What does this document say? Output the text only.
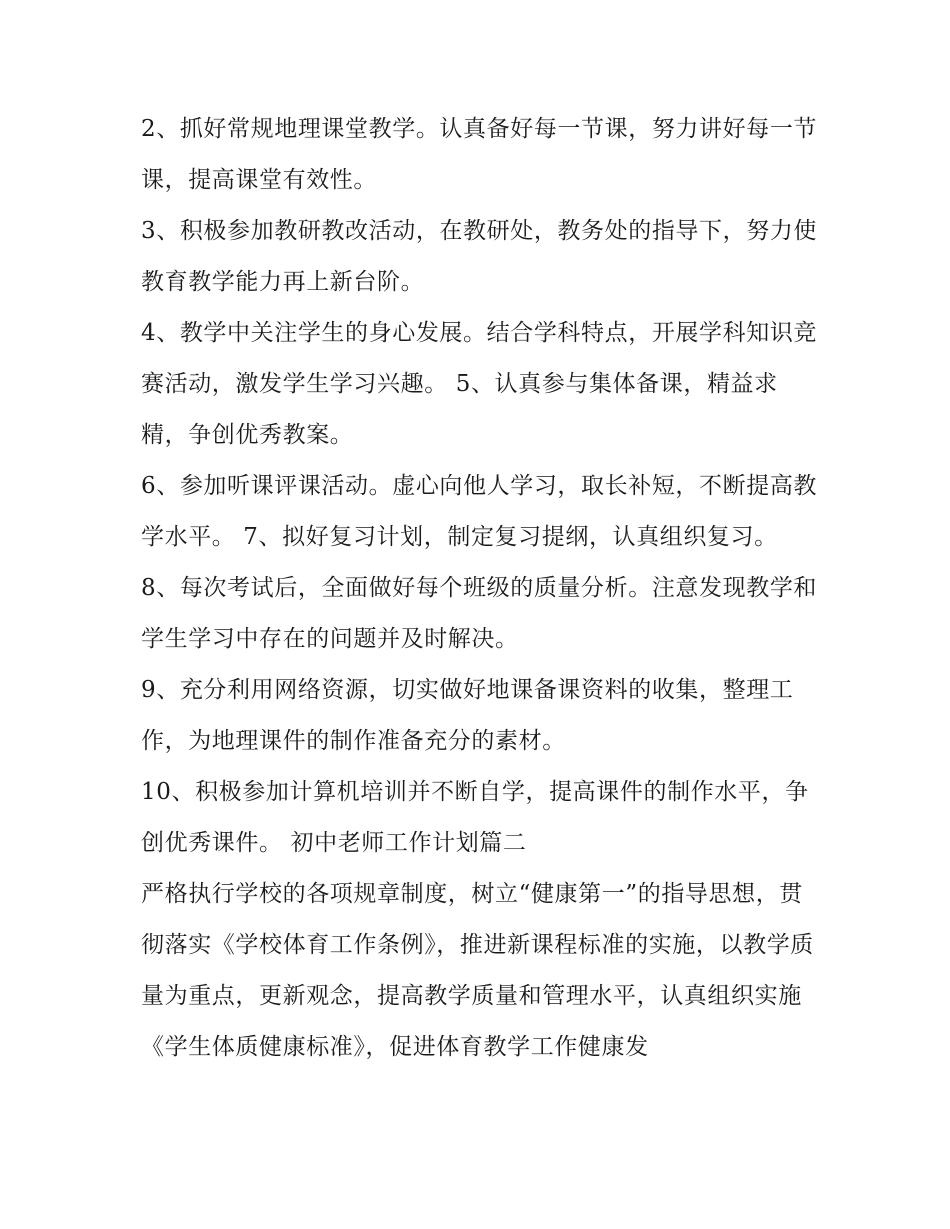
2、抓好常规地理课堂教学。认真备好每一节课，努力讲好每一节课，提高课堂有效性。

3、积极参加教研教改活动，在教研处，教务处的指导下，努力使教育教学能力再上新台阶。

4、教学中关注学生的身心发展。结合学科特点，开展学科知识竞赛活动，激发学生学习兴趣。 5、认真参与集体备课，精益求精，争创优秀教案。

6、参加听课评课活动。虚心向他人学习，取长补短，不断提高教学水平。 7、拟好复习计划，制定复习提纲，认真组织复习。

8、每次考试后，全面做好每个班级的质量分析。注意发现教学和学生学习中存在的问题并及时解决。

9、充分利用网络资源，切实做好地课备课资料的收集，整理工作，为地理课件的制作准备充分的素材。

10、积极参加计算机培训并不断自学，提高课件的制作水平，争创优秀课件。 初中老师工作计划篇二

严格执行学校的各项规章制度，树立“健康第一”的指导思想，贯彻落实《学校体育工作条例》，推进新课程标准的实施，以教学质量为重点，更新观念，提高教学质量和管理水平，认真组织实施《学生体质健康标准》，促进体育教学工作健康发
